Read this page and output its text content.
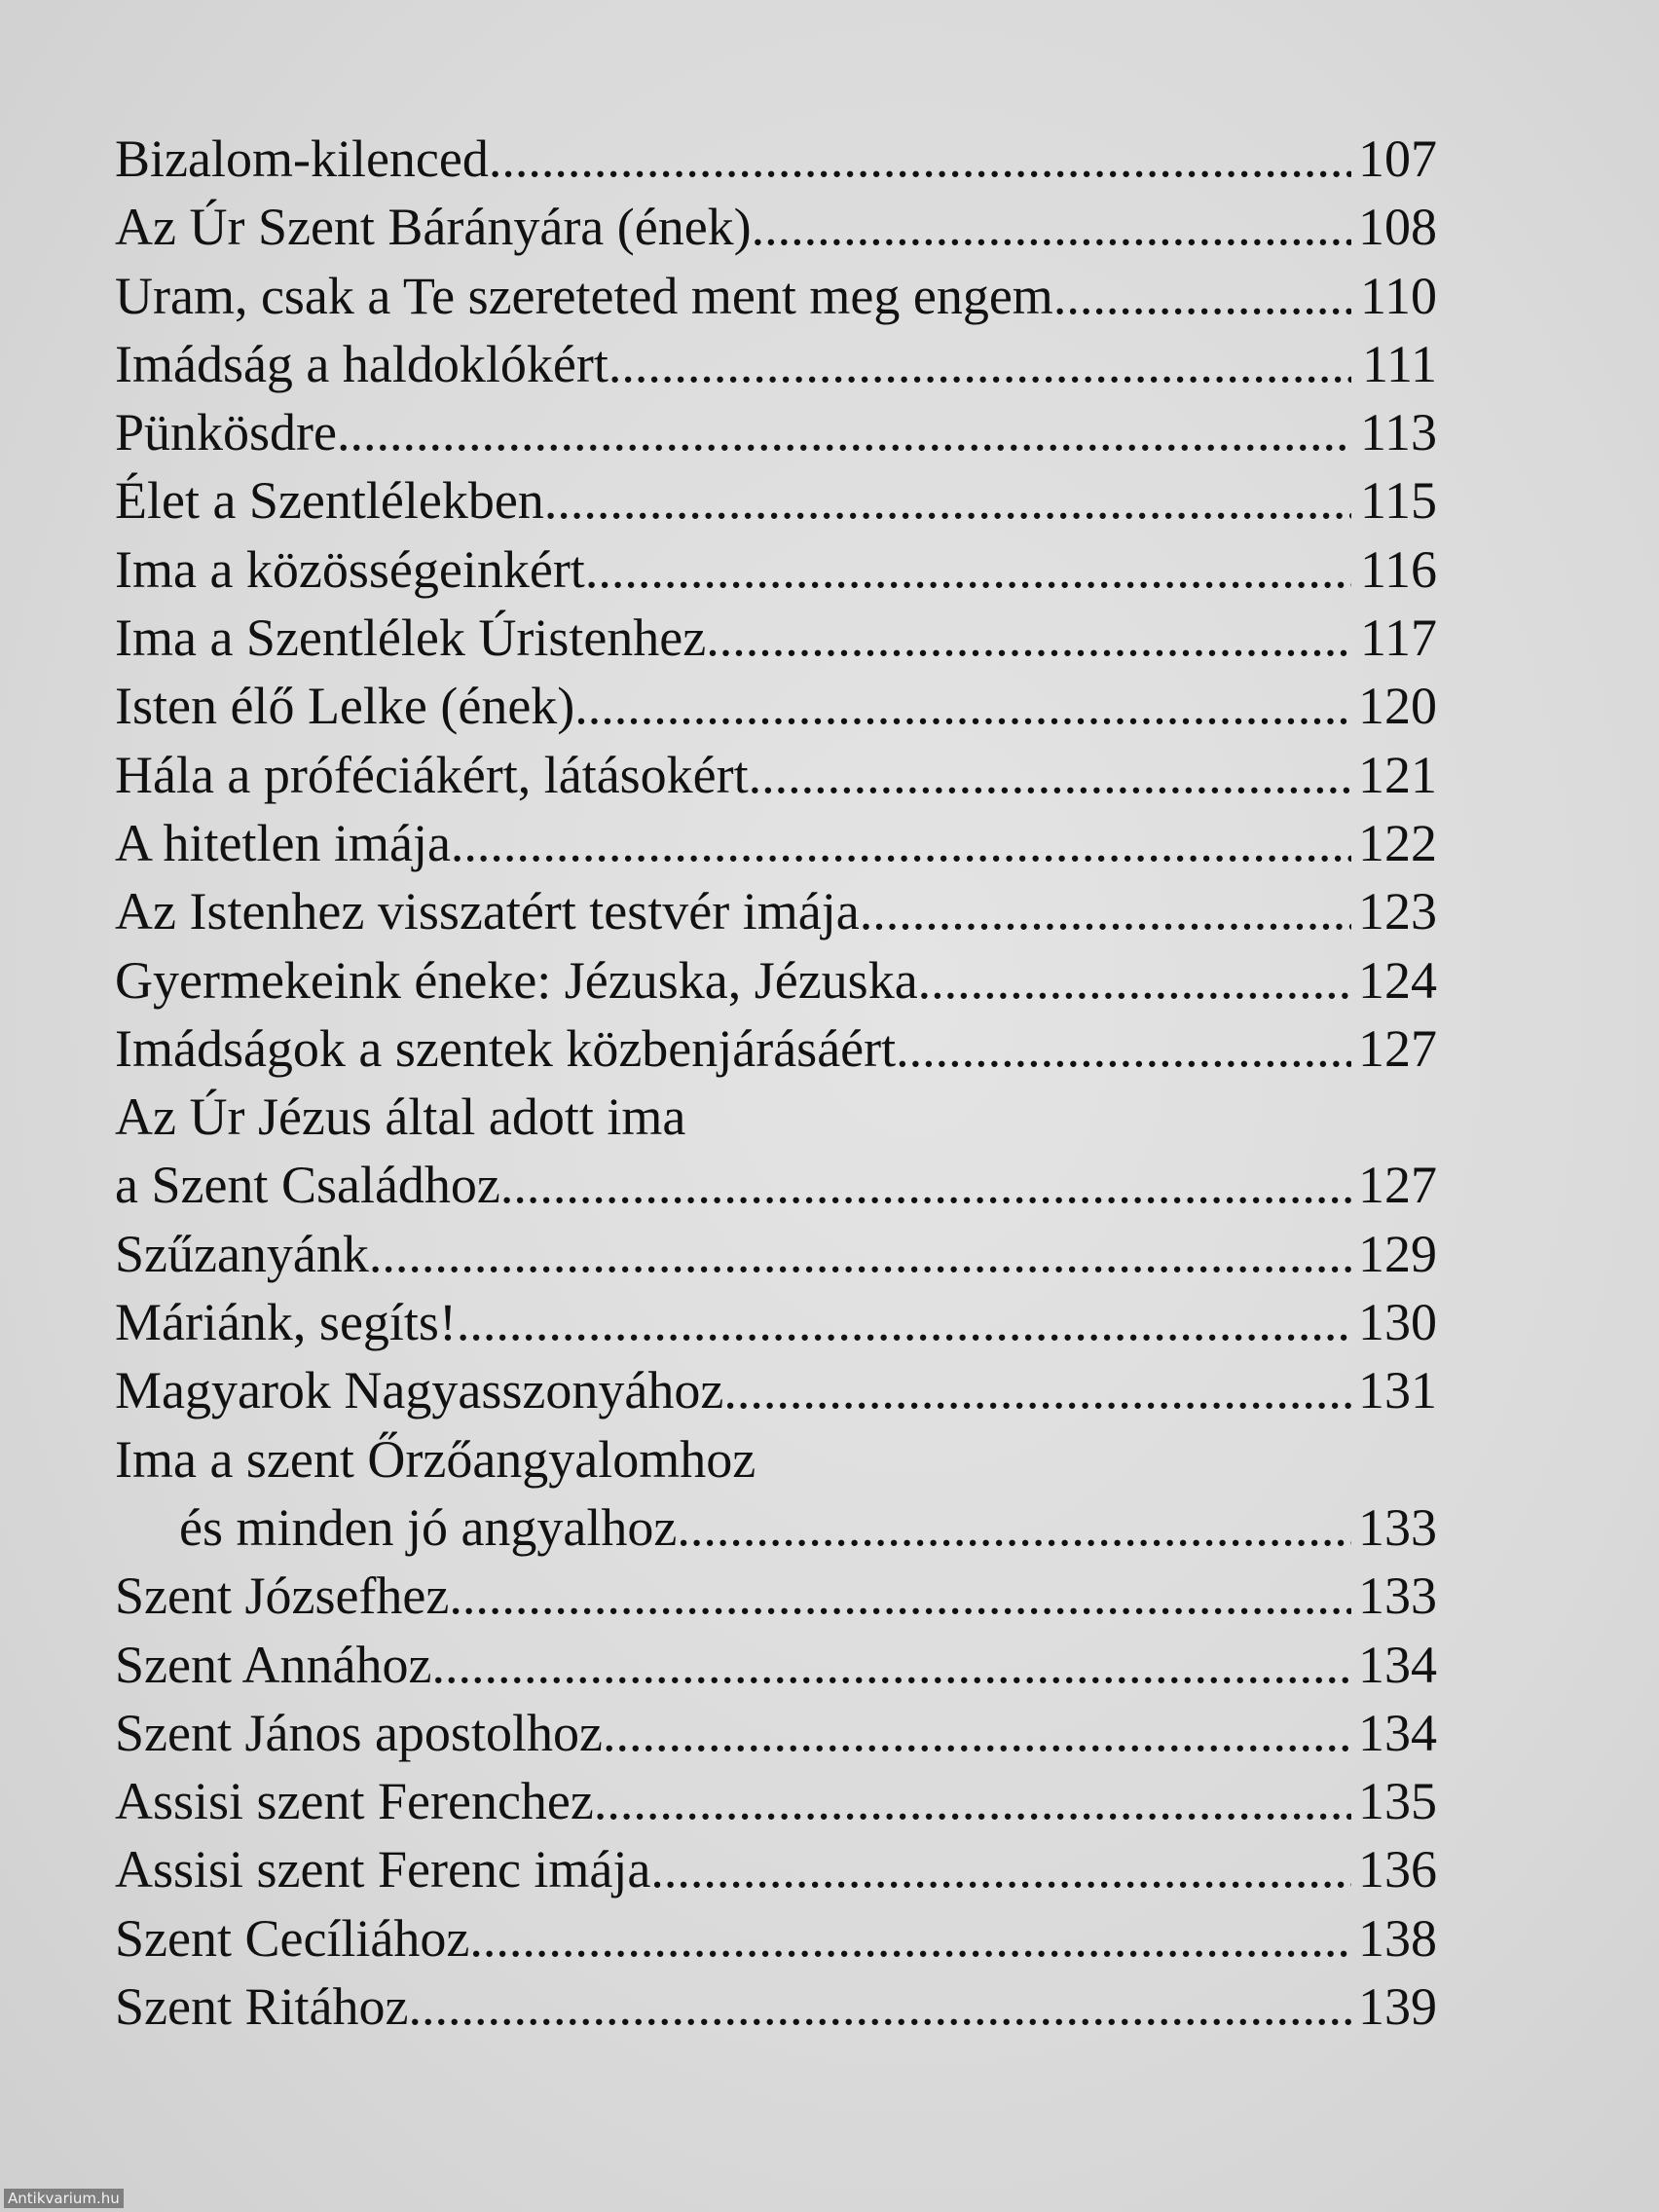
Bizalom-kilenced .....	107
Az Úr Szent Bárányára (ének) .....	108
Uram, csak a Te szereteted ment meg engem .....	110
Imádság a haldoklókért .....	111
Pünkösdre .....	113
Élet a Szentlélekben .....	115
Ima a közösségeinkért .....	116
Ima a Szentlélek Úristenhez .....	117
Isten élő Lelke (ének) .....	120
Hála a próféciákért, látásokért .....	121
A hitetlen imája .....	122
Az Istenhez visszatért testvér imája .....	123
Gyermekeink éneke: Jézuska, Jézuska .....	124
Imádságok a szentek közbenjárásáért .....	127
Az Úr Jézus által adott ima
a Szent Családhoz .....	127
Szűzanyánk .....	129
Máriánk, segíts! .....	130
Magyarok Nagyasszonyához .....	131
Ima a szent Őrzőangyalomhoz
és minden jó angyalhoz .....	133
Szent Józsefhez .....	133
Szent Annához .....	134
Szent János apostolhoz .....	134
Assisi szent Ferenchez .....	135
Assisi szent Ferenc imája .....	136
Szent Cecíliához .....	138
Szent Ritához .....	139
Antikvarium.hu
